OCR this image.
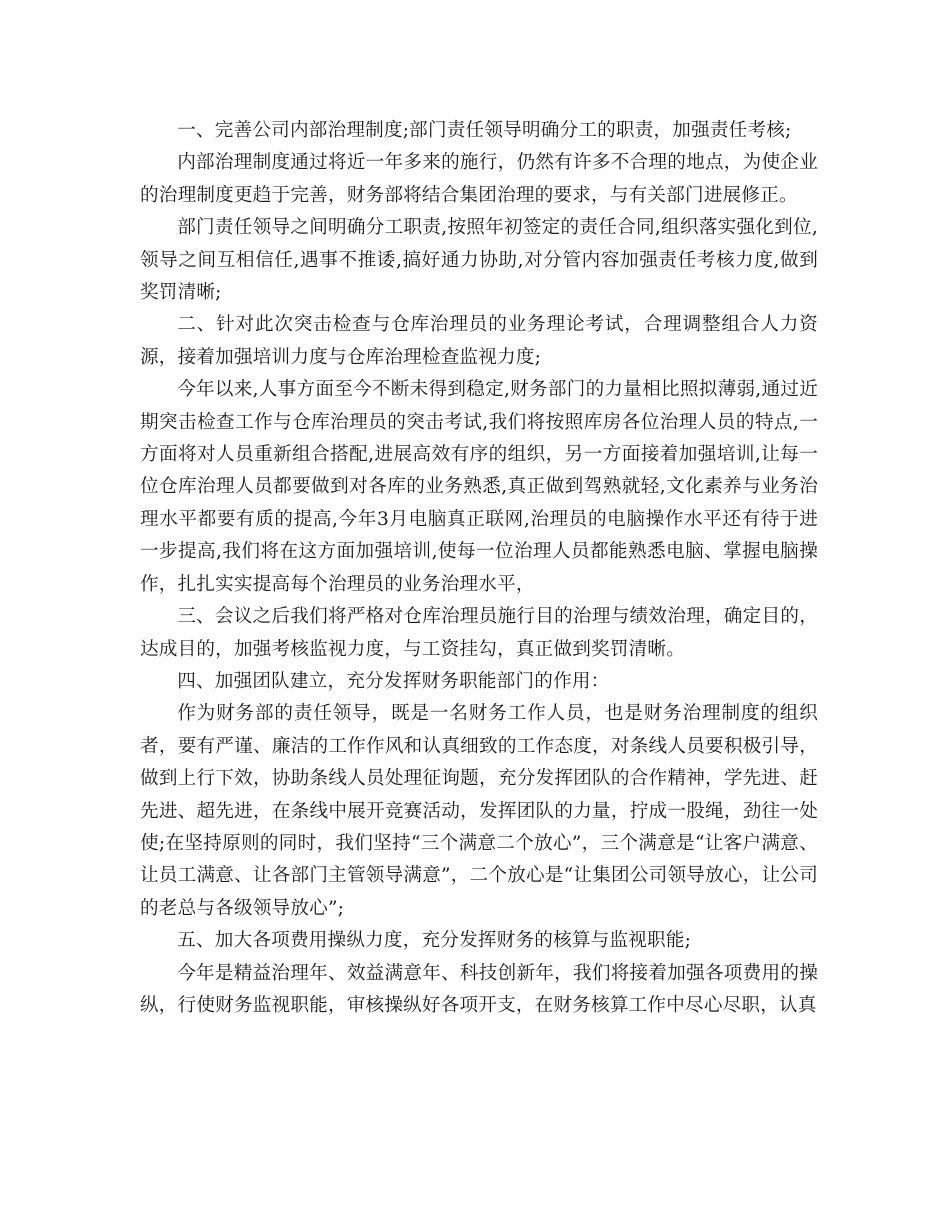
一、完善公司内部治理制度;部门责任领导明确分工的职责，加强责任考核;

内部治理制度通过将近一年多来的施行，仍然有许多不合理的地点，为使企业的治理制度更趋于完善，财务部将结合集团治理的要求，与有关部门进展修正。

部门责任领导之间明确分工职责,按照年初签定的责任合同,组织落实强化到位,领导之间互相信任,遇事不推诿,搞好通力协助,对分管内容加强责任考核力度,做到奖罚清晰;

二、针对此次突击检查与仓库治理员的业务理论考试，合理调整组合人力资源，接着加强培训力度与仓库治理检查监视力度;

今年以来,人事方面至今不断未得到稳定,财务部门的力量相比照拟薄弱,通过近期突击检查工作与仓库治理员的突击考试,我们将按照库房各位治理人员的特点,一方面将对人员重新组合搭配,进展高效有序的组织，另一方面接着加强培训,让每一位仓库治理人员都要做到对各库的业务熟悉,真正做到驾熟就轻,文化素养与业务治理水平都要有质的提高,今年3月电脑真正联网,治理员的电脑操作水平还有待于进一步提高,我们将在这方面加强培训,使每一位治理人员都能熟悉电脑、掌握电脑操作，扎扎实实提高每个治理员的业务治理水平，

三、会议之后我们将严格对仓库治理员施行目的治理与绩效治理，确定目的，达成目的，加强考核监视力度，与工资挂勾，真正做到奖罚清晰。

四、加强团队建立，充分发挥财务职能部门的作用：

作为财务部的责任领导，既是一名财务工作人员，也是财务治理制度的组织者，要有严谨、廉洁的工作作风和认真细致的工作态度，对条线人员要积极引导，做到上行下效，协助条线人员处理征询题，充分发挥团队的合作精神，学先进、赶先进、超先进，在条线中展开竞赛活动，发挥团队的力量，拧成一股绳，劲往一处使;在坚持原则的同时，我们坚持“三个满意二个放心”，三个满意是“让客户满意、让员工满意、让各部门主管领导满意”，二个放心是“让集团公司领导放心，让公司的老总与各级领导放心”;

五、加大各项费用操纵力度，充分发挥财务的核算与监视职能;

今年是精益治理年、效益满意年、科技创新年，我们将接着加强各项费用的操纵，行使财务监视职能，审核操纵好各项开支，在财务核算工作中尽心尽职，认真
